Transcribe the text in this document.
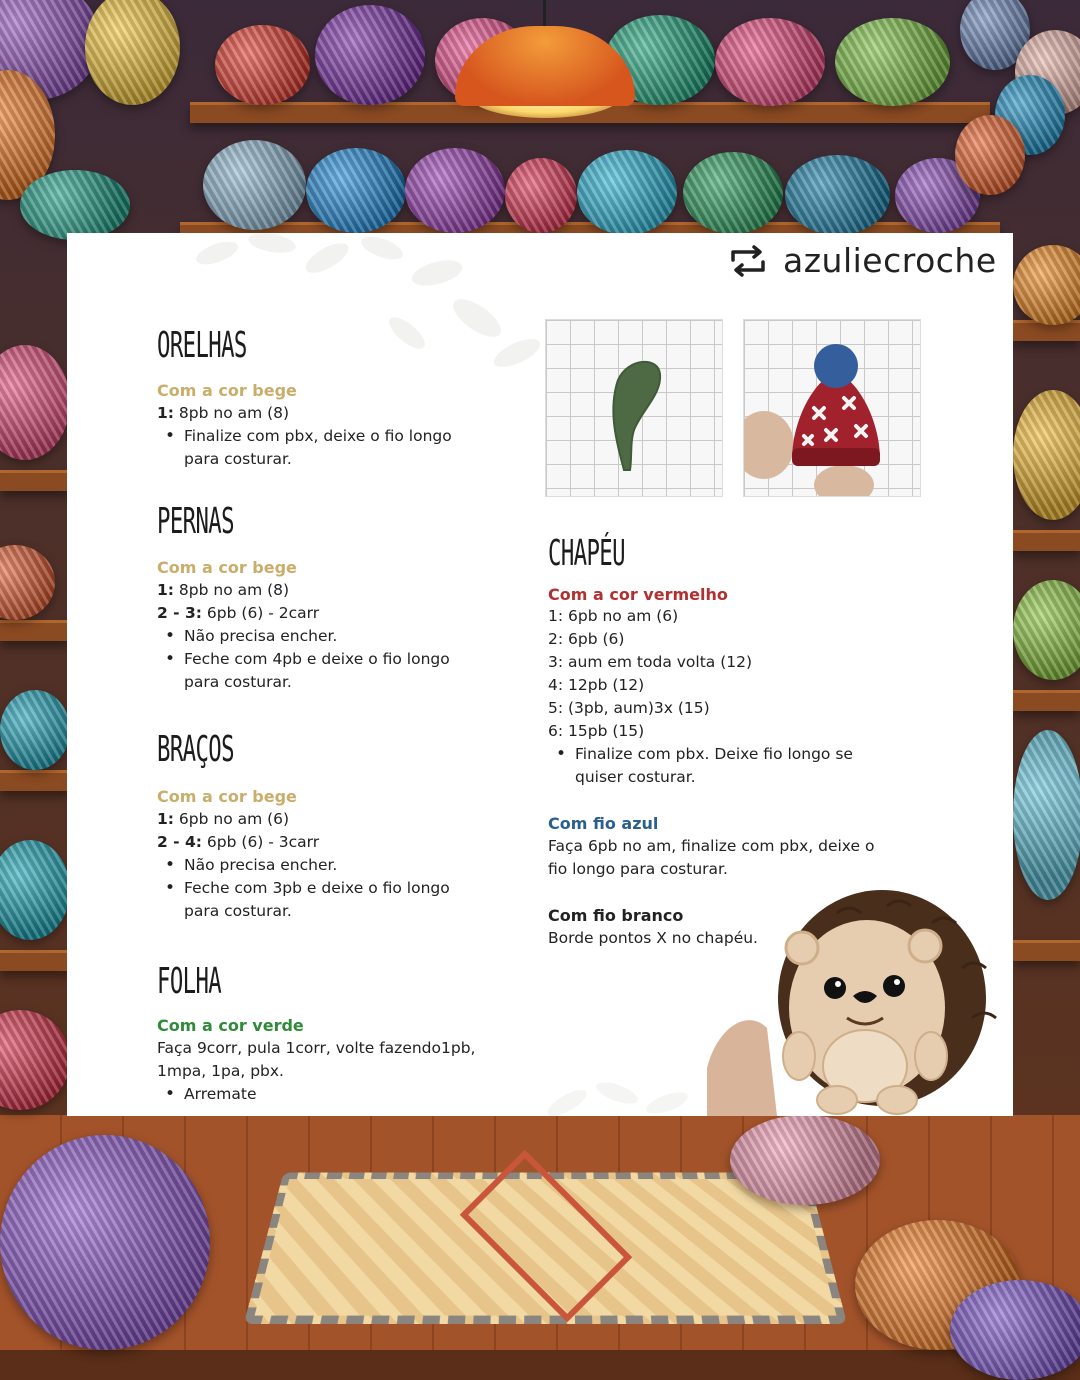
azuliecroche
ORELHAS
Com a cor bege
1: 8pb no am (8)
• Finalize com pbx, deixe o fio longo
para costurar.
PERNAS
Com a cor bege
1: 8pb no am (8)
2 - 3: 6pb (6) - 2carr
• Não precisa encher.
• Feche com 4pb e deixe o fio longo
para costurar.
BRAÇOS
Com a cor bege
1: 6pb no am (6)
2 - 4: 6pb (6) - 3carr
• Não precisa encher.
• Feche com 3pb e deixe o fio longo
para costurar.
FOLHA
Com a cor verde
Faça 9corr, pula 1corr, volte fazendo1pb,
1mpa, 1pa, pbx.
• Arremate
CHAPÉU
Com a cor vermelho
1: 6pb no am (6)
2: 6pb (6)
3: aum em toda volta (12)
4: 12pb (12)
5: (3pb, aum)3x (15)
6: 15pb (15)
• Finalize com pbx. Deixe fio longo se
quiser costurar.
Com fio azul
Faça 6pb no am, finalize com pbx, deixe o
fio longo para costurar.
Com fio branco
Borde pontos X no chapéu.
